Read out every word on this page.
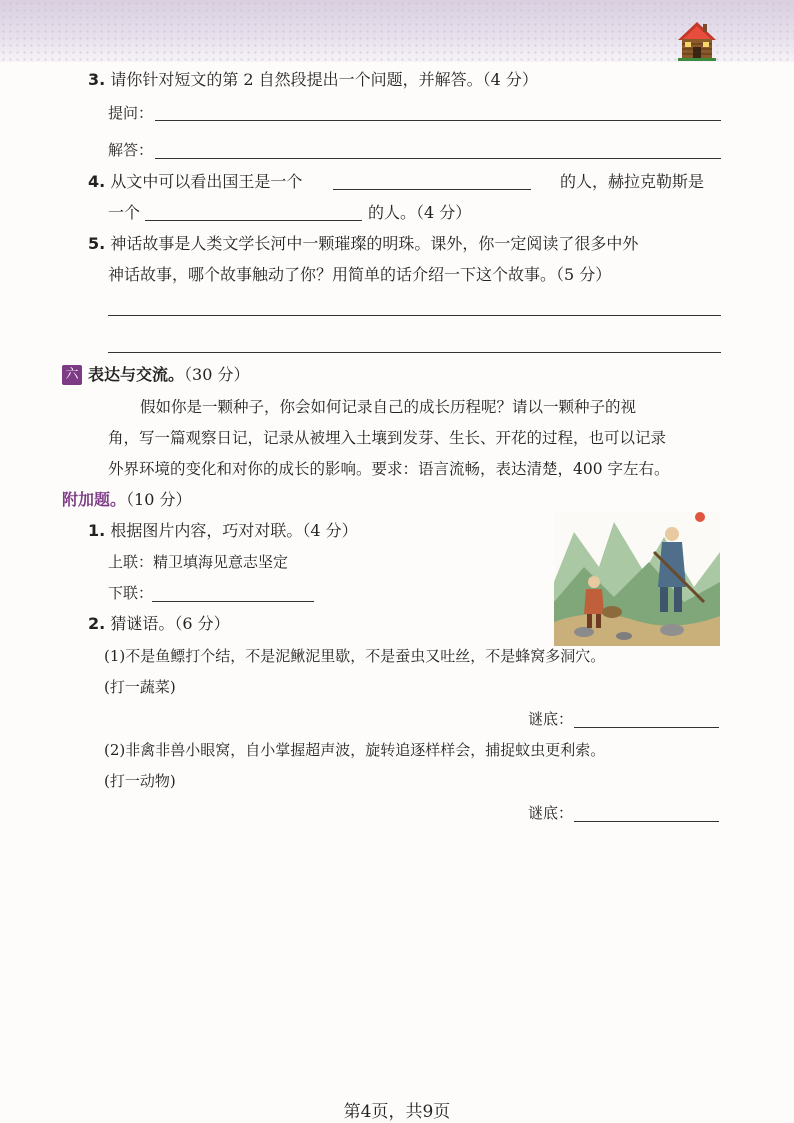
3. 请你针对短文的第 2 自然段提出一个问题，并解答。（4 分）
提问：
解答：
4. 从文中可以看出国王是一个	的人，赫拉克勒斯是
一个	的人。（4 分）
5. 神话故事是人类文学长河中一颗璀璨的明珠。课外，你一定阅读了很多中外
神话故事，哪个故事触动了你？用简单的话介绍一下这个故事。（5 分）
六 表达与交流。（30 分）
假如你是一颗种子，你会如何记录自己的成长历程呢？请以一颗种子的视
角，写一篇观察日记，记录从被埋入土壤到发芽、生长、开花的过程，也可以记录
外界环境的变化和对你的成长的影响。要求：语言流畅，表达清楚，400 字左右。
附加题。（10 分）
1. 根据图片内容，巧对对联。（4 分）
上联：精卫填海见意志坚定
下联：
2. 猜谜语。（6 分）
(1)不是鱼鳔打个结，不是泥鳅泥里歇，不是蚕虫又吐丝，不是蜂窝多洞穴。
(打一蔬菜)
谜底：
(2)非禽非兽小眼窝，自小掌握超声波，旋转追逐样样会，捕捉蚊虫更利索。
(打一动物)
谜底：
第4页，共9页
